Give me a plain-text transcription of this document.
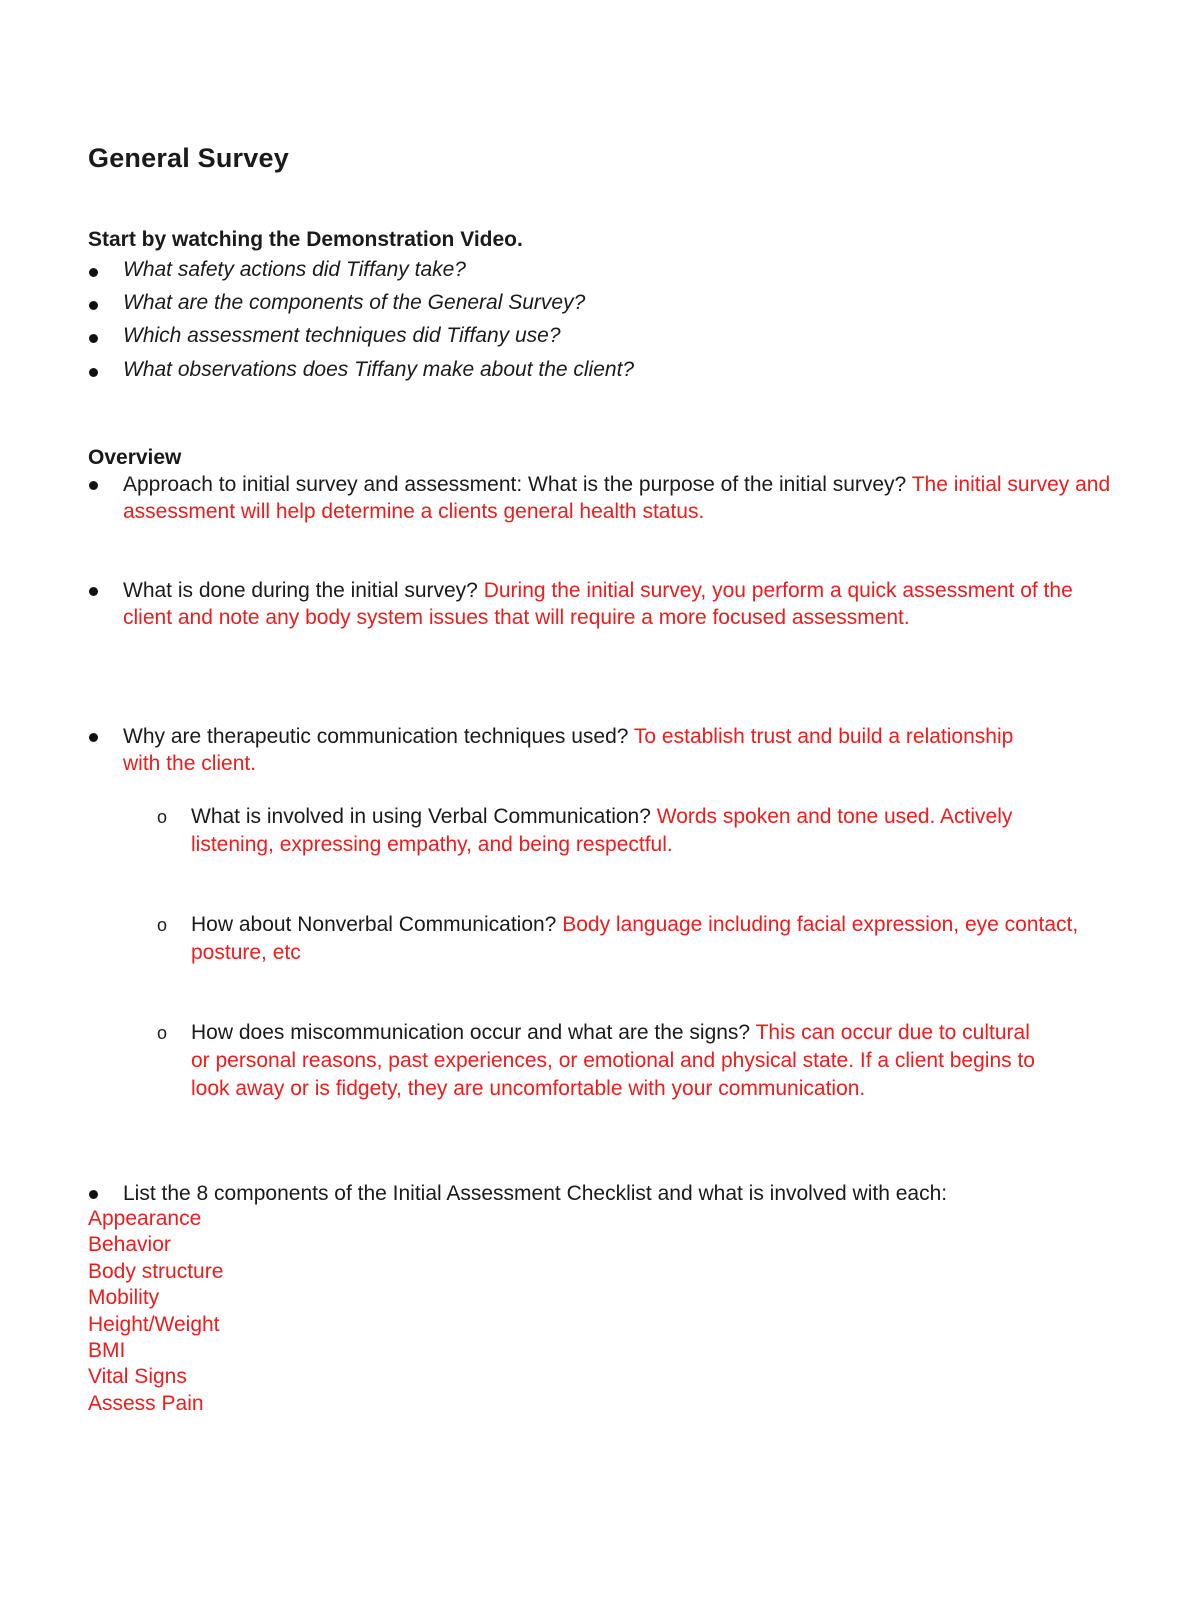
General Survey
Start by watching the Demonstration Video.
What safety actions did Tiffany take?
What are the components of the General Survey?
Which assessment techniques did Tiffany use?
What observations does Tiffany make about the client?
Overview
Approach to initial survey and assessment: What is the purpose of the initial survey? The initial survey and assessment will help determine a clients general health status.
What is done during the initial survey? During the initial survey, you perform a quick assessment of the client and note any body system issues that will require a more focused assessment.
Why are therapeutic communication techniques used? To establish trust and build a relationship with the client.
o What is involved in using Verbal Communication? Words spoken and tone used. Actively listening, expressing empathy, and being respectful.
o How about Nonverbal Communication? Body language including facial expression, eye contact, posture, etc
o How does miscommunication occur and what are the signs? This can occur due to cultural or personal reasons, past experiences, or emotional and physical state. If a client begins to look away or is fidgety, they are uncomfortable with your communication.
List the 8 components of the Initial Assessment Checklist and what is involved with each:
Appearance
Behavior
Body structure
Mobility
Height/Weight
BMI
Vital Signs
Assess Pain
